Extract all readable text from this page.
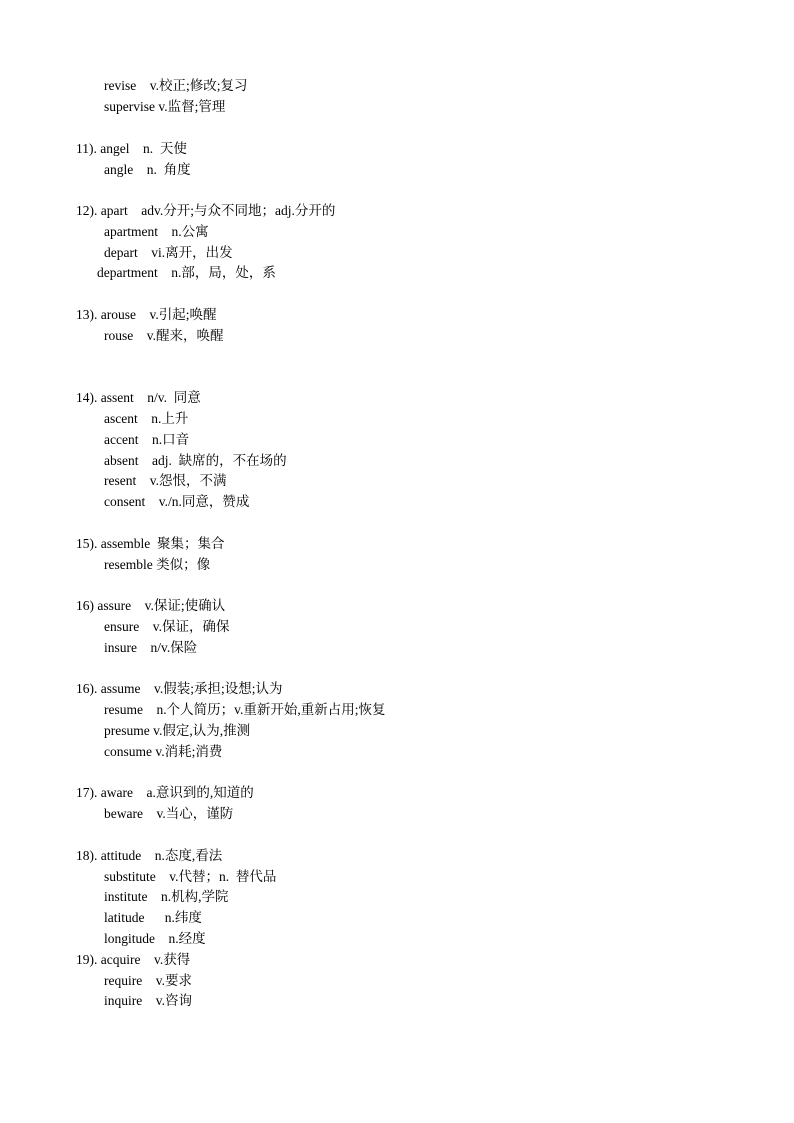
revise    v.校正;修改;复习
supervise v.监督;管理
11). angel    n.  天使
angle    n.  角度
12). apart    adv.分开;与众不同地；adj.分开的
apartment    n.公寓
depart    vi.离开，出发
department    n.部，局，处，系
13). arouse    v.引起;唤醒
rouse    v.醒来，唤醒
14). assent    n/v.  同意
ascent    n.上升
accent    n.口音
absent    adj.  缺席的，不在场的
resent    v.怨恨，不满
consent    v./n.同意，赞成
15). assemble  聚集；集合
resemble 类似；像
16) assure    v.保证;使确认
ensure    v.保证，确保
insure    n/v.保险
16). assume    v.假装;承担;设想;认为
resume    n.个人简历；v.重新开始,重新占用;恢复
presume v.假定,认为,推测
consume v.消耗;消费
17). aware    a.意识到的,知道的
beware    v.当心，谨防
18). attitude    n.态度,看法
substitute    v.代替；n.  替代品
institute    n.机构,学院
latitude      n.纬度
longitude    n.经度
19). acquire    v.获得
require    v.要求
inquire    v.咨询
